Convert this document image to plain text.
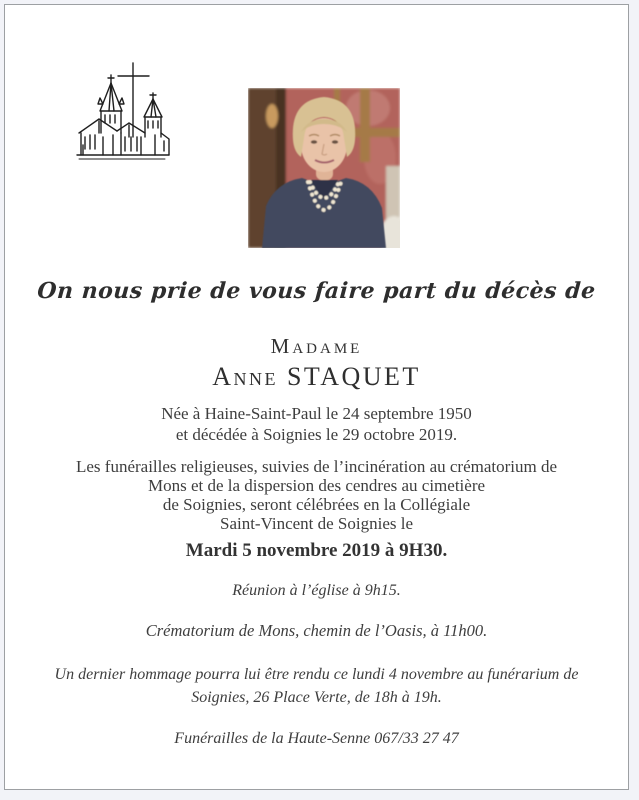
On nous prie de vous faire part du décès de
Madame
Anne STAQUET
Née à Haine-Saint-Paul le 24 septembre 1950
et décédée à Soignies le 29 octobre 2019.
Les funérailles religieuses, suivies de l’incinération au crématorium de
Mons et de la dispersion des cendres au cimetière
de Soignies, seront célébrées en la Collégiale
Saint-Vincent de Soignies le
Mardi 5 novembre 2019 à 9H30.
Réunion à l’église à 9h15.
Crématorium de Mons, chemin de l’Oasis, à 11h00.
Un dernier hommage pourra lui être rendu ce lundi 4 novembre au funérarium de
Soignies, 26 Place Verte, de 18h à 19h.
Funérailles de la Haute-Senne 067/33 27 47
